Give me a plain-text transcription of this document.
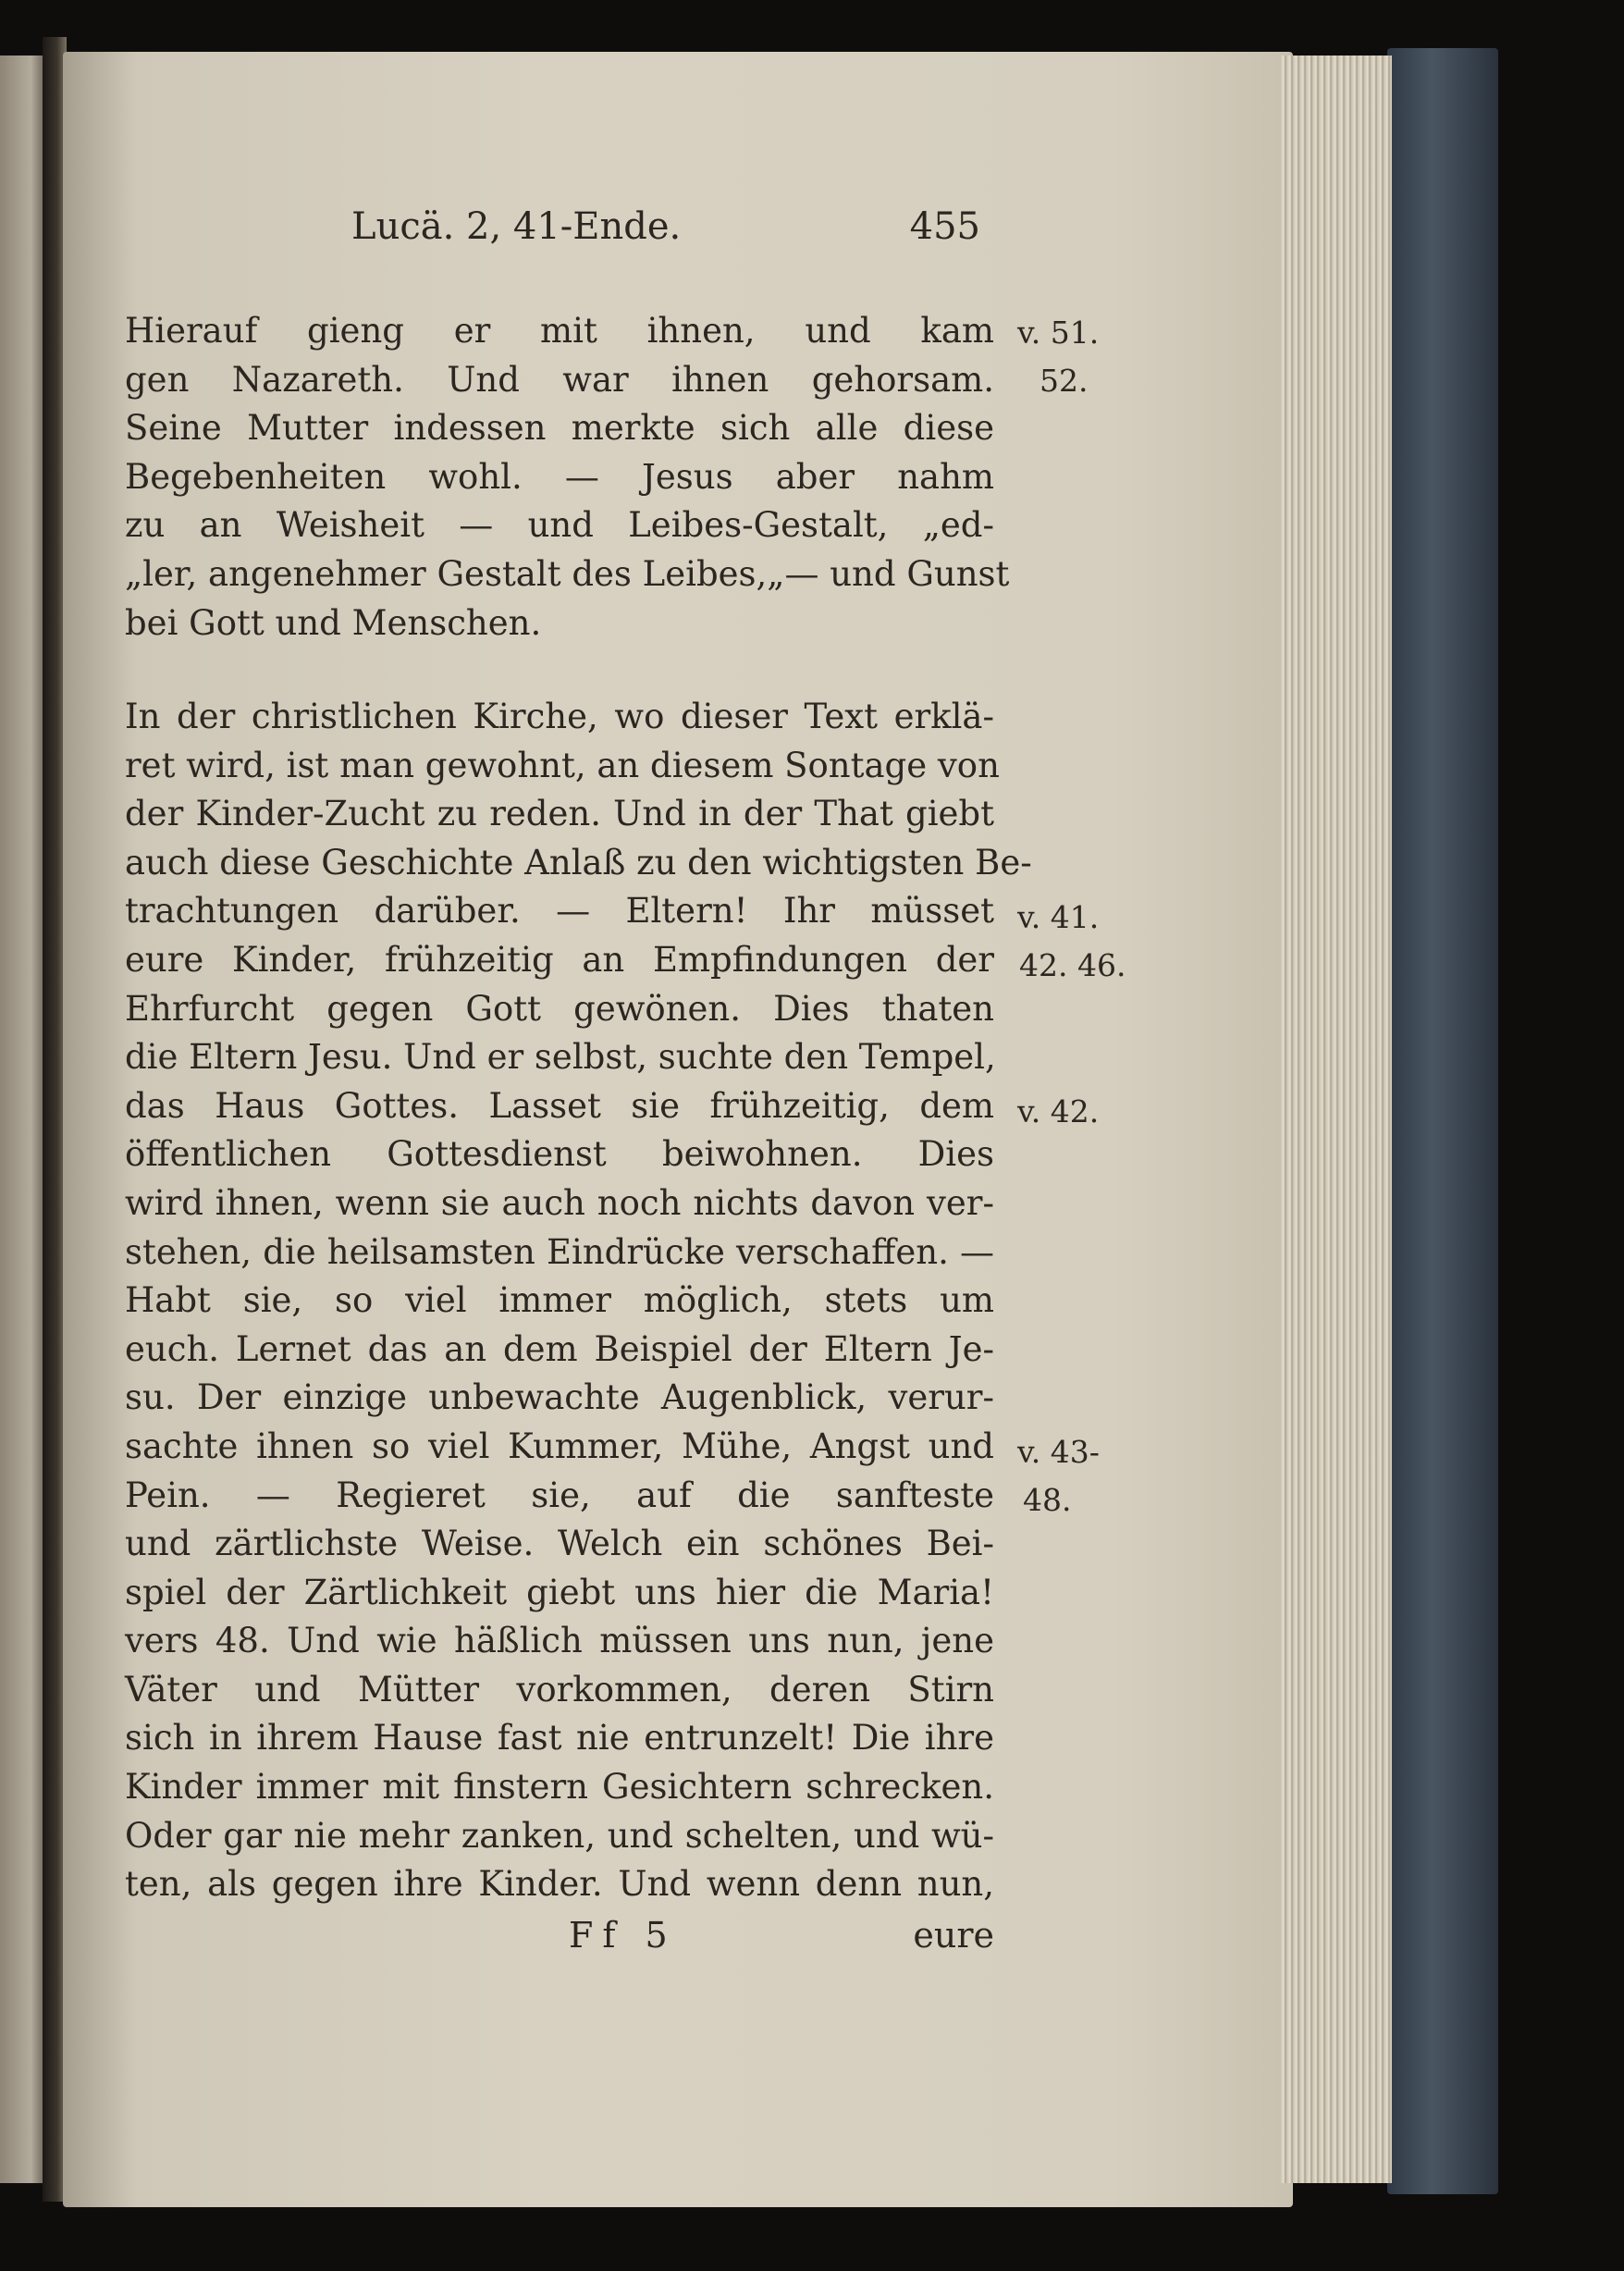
Lucä. 2, 41-Ende.	455
Hierauf gieng er mit ihnen, und kam
gen Nazareth. Und war ihnen gehorsam.
Seine Mutter indessen merkte sich alle diese
Begebenheiten wohl. — Jesus aber nahm
zu an Weisheit — und Leibes-Gestalt, „ed-
„ler, angenehmer Gestalt des Leibes,„— und Gunst
bei Gott und Menschen.
In der christlichen Kirche, wo dieser Text erklä-
ret wird, ist man gewohnt, an diesem Sontage von
der Kinder-Zucht zu reden. Und in der That giebt
auch diese Geschichte Anlaß zu den wichtigsten Be-
trachtungen darüber. — Eltern! Ihr müsset
eure Kinder, frühzeitig an Empfindungen der
Ehrfurcht gegen Gott gewönen. Dies thaten
die Eltern Jesu. Und er selbst, suchte den Tempel,
das Haus Gottes. Lasset sie frühzeitig, dem
öffentlichen Gottesdienst beiwohnen. Dies
wird ihnen, wenn sie auch noch nichts davon ver-
stehen, die heilsamsten Eindrücke verschaffen. —
Habt sie, so viel immer möglich, stets um
euch. Lernet das an dem Beispiel der Eltern Je-
su. Der einzige unbewachte Augenblick, verur-
sachte ihnen so viel Kummer, Mühe, Angst und
Pein. — Regieret sie, auf die sanfteste
und zärtlichste Weise. Welch ein schönes Bei-
spiel der Zärtlichkeit giebt uns hier die Maria!
vers 48. Und wie häßlich müssen uns nun, jene
Väter und Mütter vorkommen, deren Stirn
sich in ihrem Hause fast nie entrunzelt! Die ihre
Kinder immer mit finstern Gesichtern schrecken.
Oder gar nie mehr zanken, und schelten, und wü-
ten, als gegen ihre Kinder. Und wenn denn nun,
v. 51.
52.
v. 41.
42. 46.
v. 42.
v. 43-
48.
Ff 5	eure
